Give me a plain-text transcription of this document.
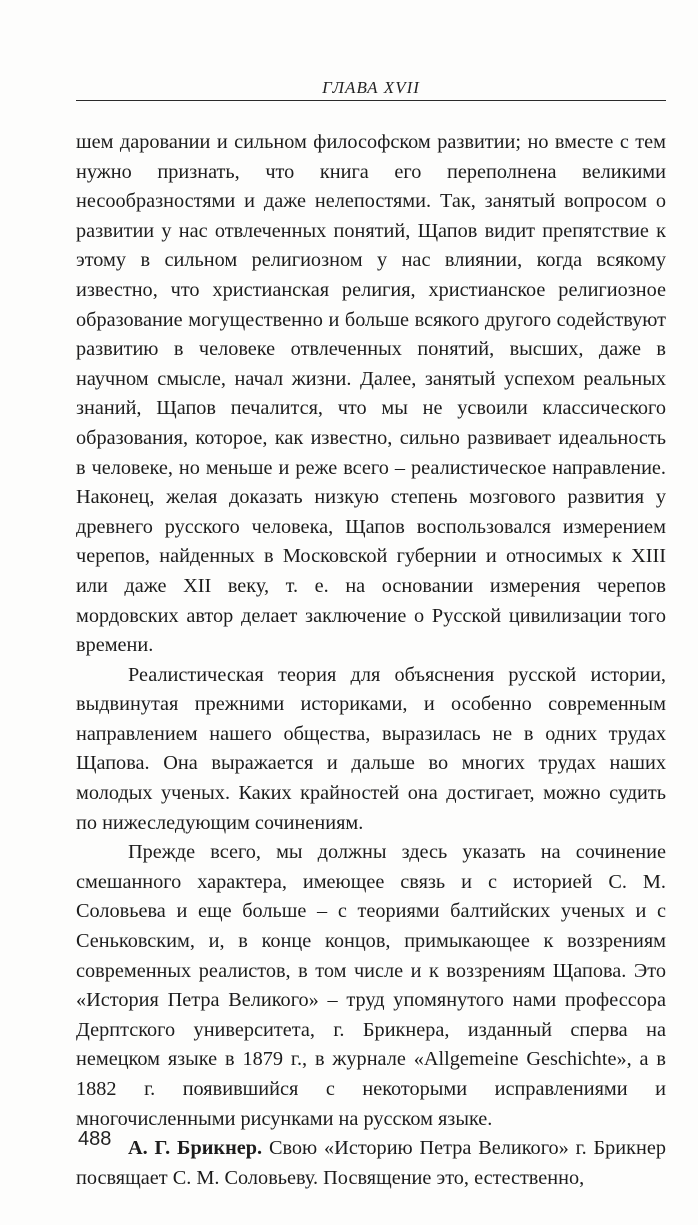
ГЛАВА XVII

шем даровании и сильном философском развитии; но вместе с тем нужно признать, что книга его переполнена великими несообразностями и даже нелепостями. Так, занятый вопросом о развитии у нас отвлеченных понятий, Щапов видит препятствие к этому в сильном религиозном у нас влиянии, когда всякому известно, что христианская религия, христианское религиозное образование могущественно и больше всякого другого содействуют развитию в человеке отвлеченных понятий, высших, даже в научном смысле, начал жизни. Далее, занятый успехом реальных знаний, Щапов печалится, что мы не усвоили классического образования, которое, как известно, сильно развивает идеальность в человеке, но меньше и реже всего – реалистическое направление. Наконец, желая доказать низкую степень мозгового развития у древнего русского человека, Щапов воспользовался измерением черепов, найденных в Московской губернии и относимых к XIII или даже XII веку, т. е. на основании измерения черепов мордовских автор делает заключение о Русской цивилизации того времени.

Реалистическая теория для объяснения русской истории, выдвинутая прежними историками, и особенно современным направлением нашего общества, выразилась не в одних трудах Щапова. Она выражается и дальше во многих трудах наших молодых ученых. Каких крайностей она достигает, можно судить по нижеследующим сочинениям.

Прежде всего, мы должны здесь указать на сочинение смешанного характера, имеющее связь и с историей С. М. Соловьева и еще больше – с теориями балтийских ученых и с Сеньковским, и, в конце концов, примыкающее к воззрениям современных реалистов, в том числе и к воззрениям Щапова. Это «История Петра Великого» – труд упомянутого нами профессора Дерптского университета, г. Брикнера, изданный сперва на немецком языке в 1879 г., в журнале «Allgemeine Geschichte», а в 1882 г. появившийся с некоторыми исправлениями и многочисленными рисунками на русском языке.

А. Г. Брикнер. Свою «Историю Петра Великого» г. Брикнер посвящает С. М. Соловьеву. Посвящение это, естественно,

488
